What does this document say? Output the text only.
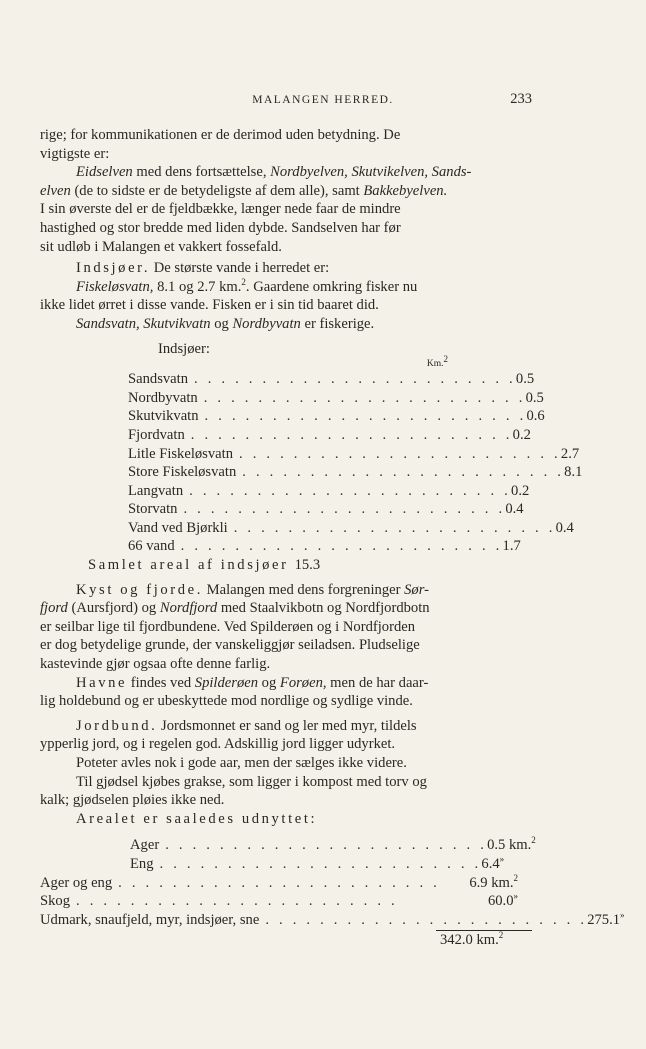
MALANGEN HERRED.	233

rige; for kommunikationen er de derimod uden betydning. De

vigtigste er:

Eidselven med dens fortsættelse, Nordbyelven, Skutvikelven, Sands-

elven (de to sidste er de betydeligste af dem alle), samt Bakkebyelven.

I sin øverste del er de fjeldbække, længer nede faar de mindre

hastighed og stor bredde med liden dybde. Sandselven har før

sit udløb i Malangen et vakkert fossefald.

Indsjøer. De største vande i herredet er:

Fiskeløsvatn, 8.1 og 2.7 km.$^2$. Gaardene omkring fisker nu

ikke lidet ørret i disse vande. Fisken er i sin tid baaret did.

Sandsvatn, Skutvikvatn og Nordbyvatn er fiskerige.

Indsjøer:

Km.$^2$
Sandsvatn . . . . . . . . . . . . . . . . . . . . . . . . 0.5
Nordbyvatn . . . . . . . . . . . . . . . . . . . . . . . . 0.5
Skutvikvatn . . . . . . . . . . . . . . . . . . . . . . . . 0.6
Fjordvatn . . . . . . . . . . . . . . . . . . . . . . . . 0.2
Litle Fiskeløsvatn . . . . . . . . . . . . . . . . . . . . . . . . 2.7
Store Fiskeløsvatn . . . . . . . . . . . . . . . . . . . . . . . . 8.1
Langvatn . . . . . . . . . . . . . . . . . . . . . . . . 0.2
Storvatn . . . . . . . . . . . . . . . . . . . . . . . . 0.4
Vand ved Bjørkli . . . . . . . . . . . . . . . . . . . . . . . . 0.4
66 vand . . . . . . . . . . . . . . . . . . . . . . . . 1.7
Samlet areal af indsjøer 15.3

Kyst og fjorde. Malangen med dens forgreninger Sør-

fjord (Aursfjord) og Nordfjord med Staalvikbotn og Nordfjordbotn

er seilbar lige til fjordbundene. Ved Spilderøen og i Nordfjorden

er dog betydelige grunde, der vanskeliggjør seiladsen. Pludselige

kastevinde gjør ogsaa ofte denne farlig.

Havne findes ved Spilderøen og Forøen, men de har daar-

lig holdebund og er ubeskyttede mod nordlige og sydlige vinde.

Jordbund. Jordsmonnet er sand og ler med myr, tildels

ypperlig jord, og i regelen god. Adskillig jord ligger udyrket.

Poteter avles nok i gode aar, men der sælges ikke videre.

Til gjødsel kjøbes grakse, som ligger i kompost med torv og

kalk; gjødselen pløies ikke ned.

Arealet er saaledes udnyttet:

Ager . . . . . . . . . . . . . . . . . . . . . . . . 0.5 km.$^2$
Eng . . . . . . . . . . . . . . . . . . . . . . . . 6.4»
Ager og eng . . . . . . . . . . . . . . . . . . . . . . . .	6.9 km.$^2$
Skog . . . . . . . . . . . . . . . . . . . . . . . .	60.0»
Udmark, snaufjeld, myr, indsjøer, sne . . . . . . . . . . . . . . . . . . . . . . . . 275.1»
342.0 km.$^2$
